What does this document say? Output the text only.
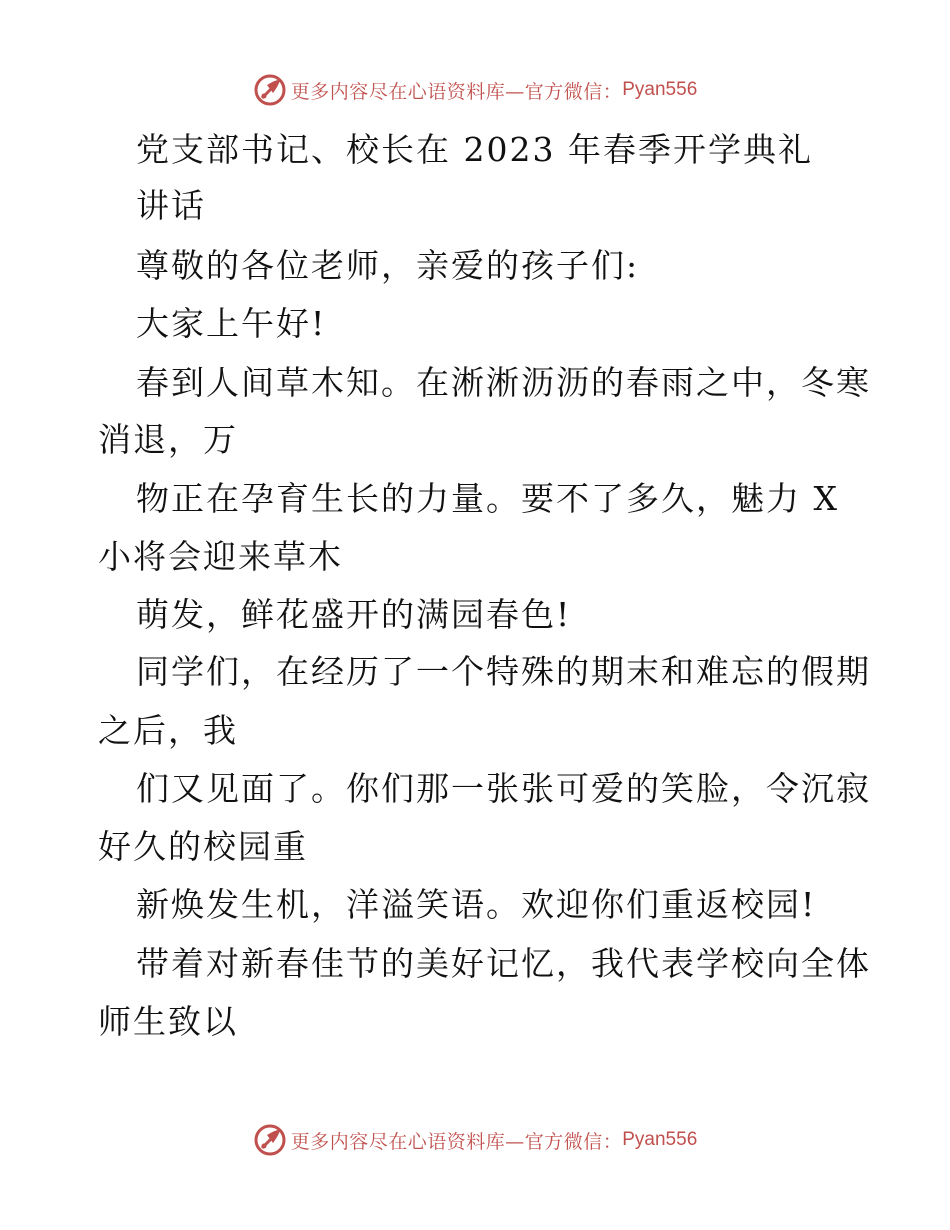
更多内容尽在心语资料库—官方微信： Pyan556
党支部书记、校长在 2023 年春季开学典礼
讲话
尊敬的各位老师，亲爱的孩子们:
大家上午好!
春到人间草木知。在淅淅沥沥的春雨之中，冬寒
消退，万
物正在孕育生长的力量。要不了多久，魅力 X
小将会迎来草木
萌发，鲜花盛开的满园春色!
同学们，在经历了一个特殊的期末和难忘的假期
之后，我
们又见面了。你们那一张张可爱的笑脸，令沉寂
好久的校园重
新焕发生机，洋溢笑语。欢迎你们重返校园!
带着对新春佳节的美好记忆，我代表学校向全体
师生致以
更多内容尽在心语资料库—官方微信： Pyan556
